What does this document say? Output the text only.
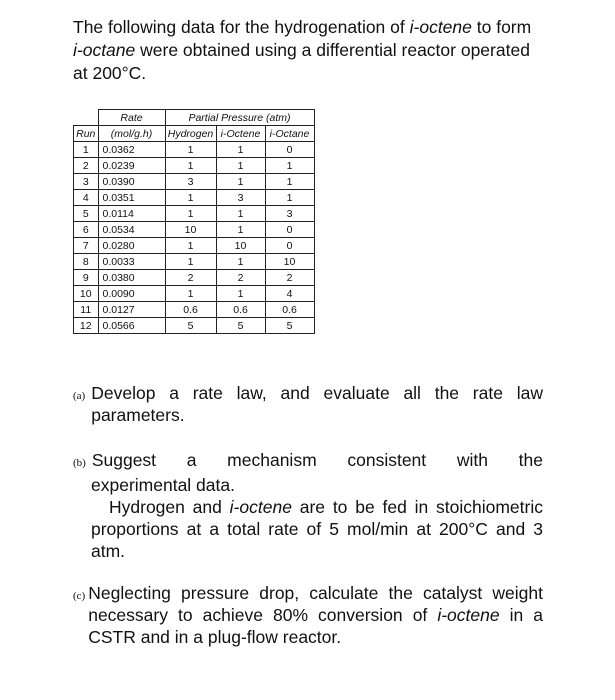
The following data for the hydrogenation of i-octene to form i-octane were obtained using a differential reactor operated at 200°C.
	Rate	Partial Pressure (atm)		
Run	(mol/g.h)	Hydrogen	i-Octene	i-Octane
1	0.0362	1	1	0
2	0.0239	1	1	1
3	0.0390	3	1	1
4	0.0351	1	3	1
5	0.0114	1	1	3
6	0.0534	10	1	0
7	0.0280	1	10	0
8	0.0033	1	1	10
9	0.0380	2	2	2
10	0.0090	1	1	4
11	0.0127	0.6	0.6	0.6
12	0.0566	5	5	5
(a) Develop a rate law, and evaluate all the rate law parameters.
(b) Suggest a mechanism consistent with the
experimental data.
Hydrogen and i-octene are to be fed in stoichiometric proportions at a total rate of 5 mol/min at 200°C and 3 atm.
(c) Neglecting pressure drop, calculate the catalyst weight necessary to achieve 80% conversion of i-octene in a CSTR and in a plug-flow reactor.
